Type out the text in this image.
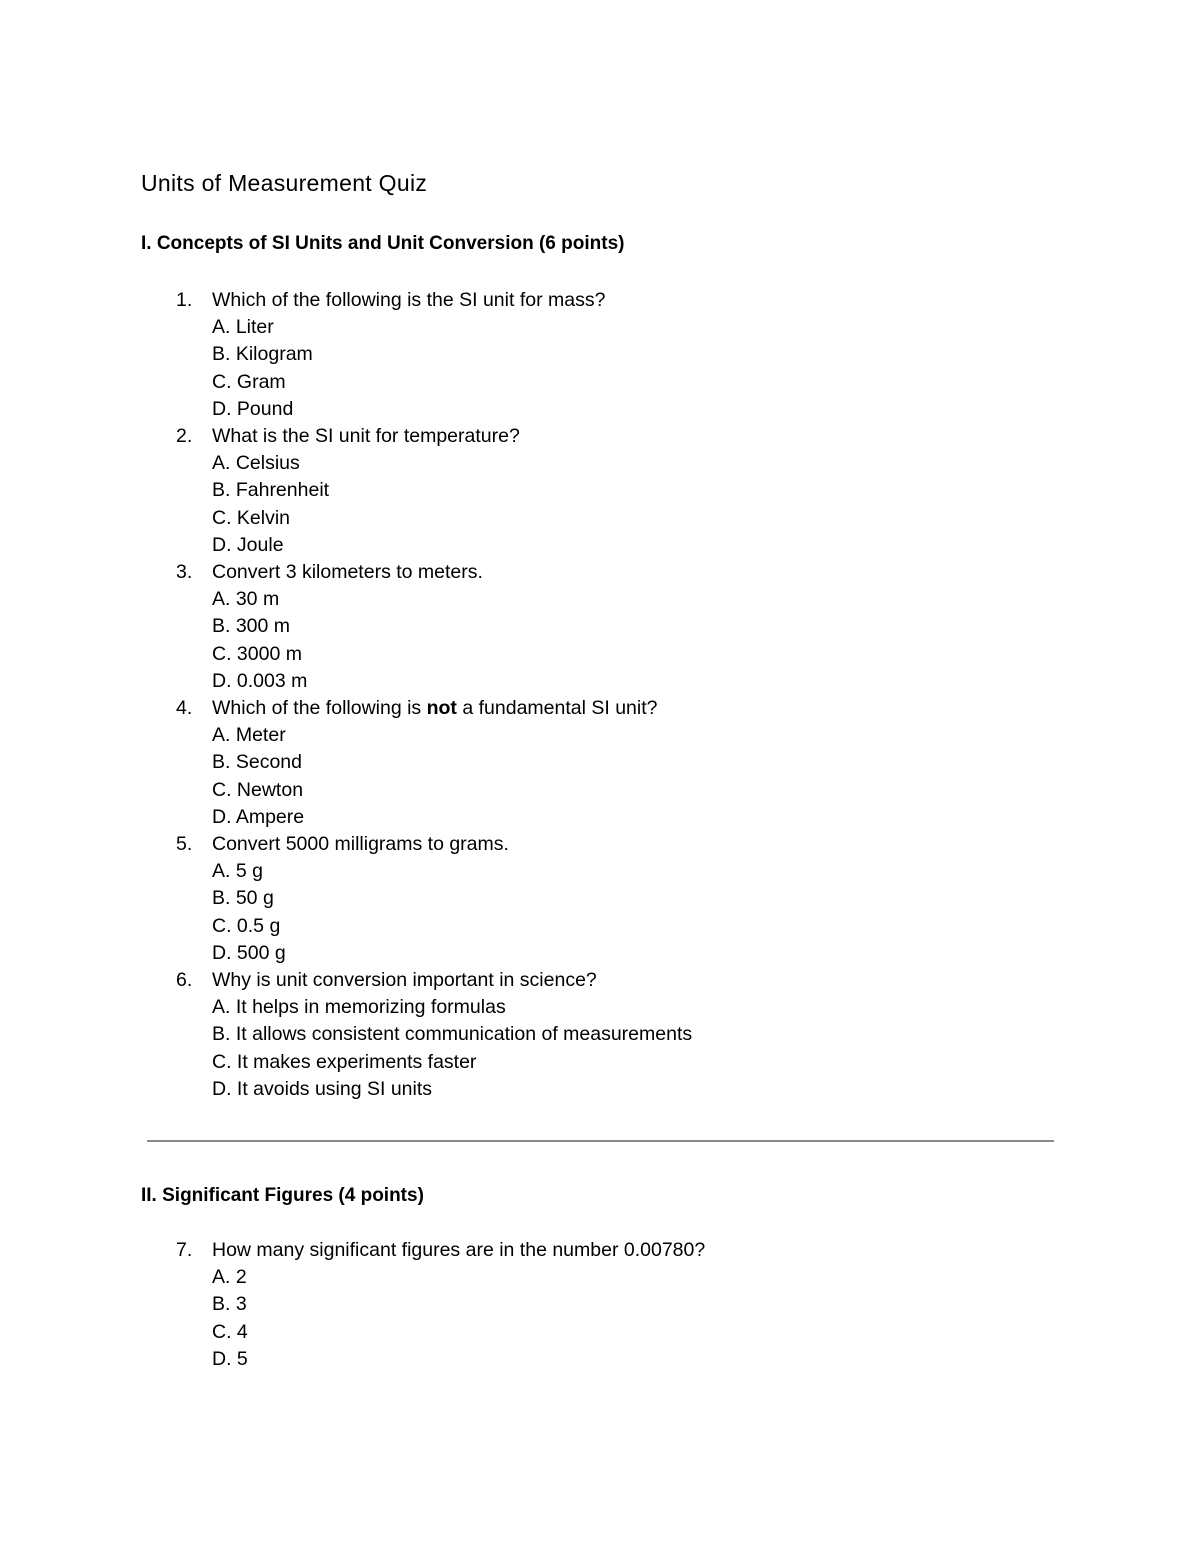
Units of Measurement Quiz
I. Concepts of SI Units and Unit Conversion (6 points)
1. Which of the following is the SI unit for mass?
A. Liter
B. Kilogram
C. Gram
D. Pound
2. What is the SI unit for temperature?
A. Celsius
B. Fahrenheit
C. Kelvin
D. Joule
3. Convert 3 kilometers to meters.
A. 30 m
B. 300 m
C. 3000 m
D. 0.003 m
4. Which of the following is not a fundamental SI unit?
A. Meter
B. Second
C. Newton
D. Ampere
5. Convert 5000 milligrams to grams.
A. 5 g
B. 50 g
C. 0.5 g
D. 500 g
6. Why is unit conversion important in science?
A. It helps in memorizing formulas
B. It allows consistent communication of measurements
C. It makes experiments faster
D. It avoids using SI units
II. Significant Figures (4 points)
7. How many significant figures are in the number 0.00780?
A. 2
B. 3
C. 4
D. 5
